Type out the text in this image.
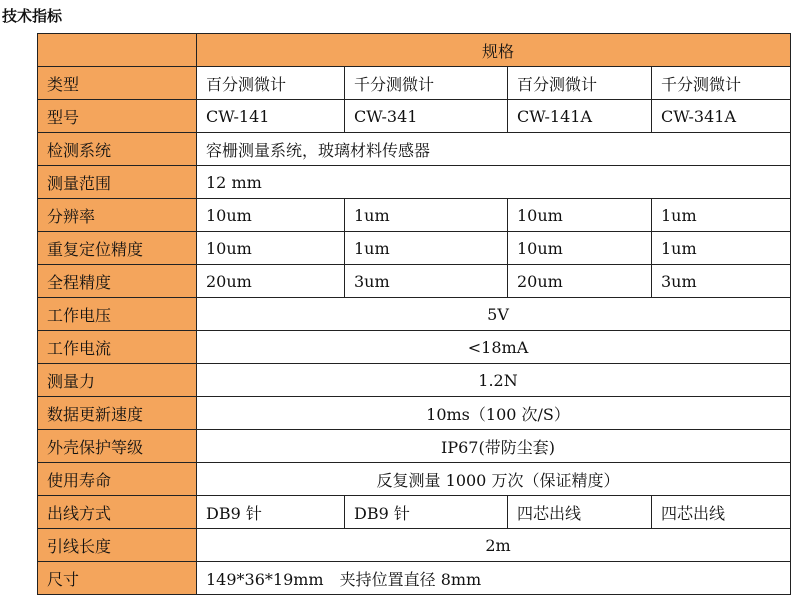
技术指标
	规格			
类型	百分测微计	千分测微计	百分测微计	千分测微计
型号	CW-141	CW-341	CW-141A	CW-341A
检测系统	容栅测量系统，玻璃材料传感器			
测量范围	12 mm			
分辨率	10um	1um	10um	1um
重复定位精度	10um	1um	10um	1um
全程精度	20um	3um	20um	3um
工作电压	5V			
工作电流	<18mA			
测量力	1.2N			
数据更新速度	10ms（100 次/S）			
外壳保护等级	IP67(带防尘套)			
使用寿命	反复测量 1000 万次（保证精度）			
出线方式	DB9 针	DB9 针	四芯出线	四芯出线
引线长度	2m			
尺寸	149*36*19mm　夹持位置直径 8mm			
